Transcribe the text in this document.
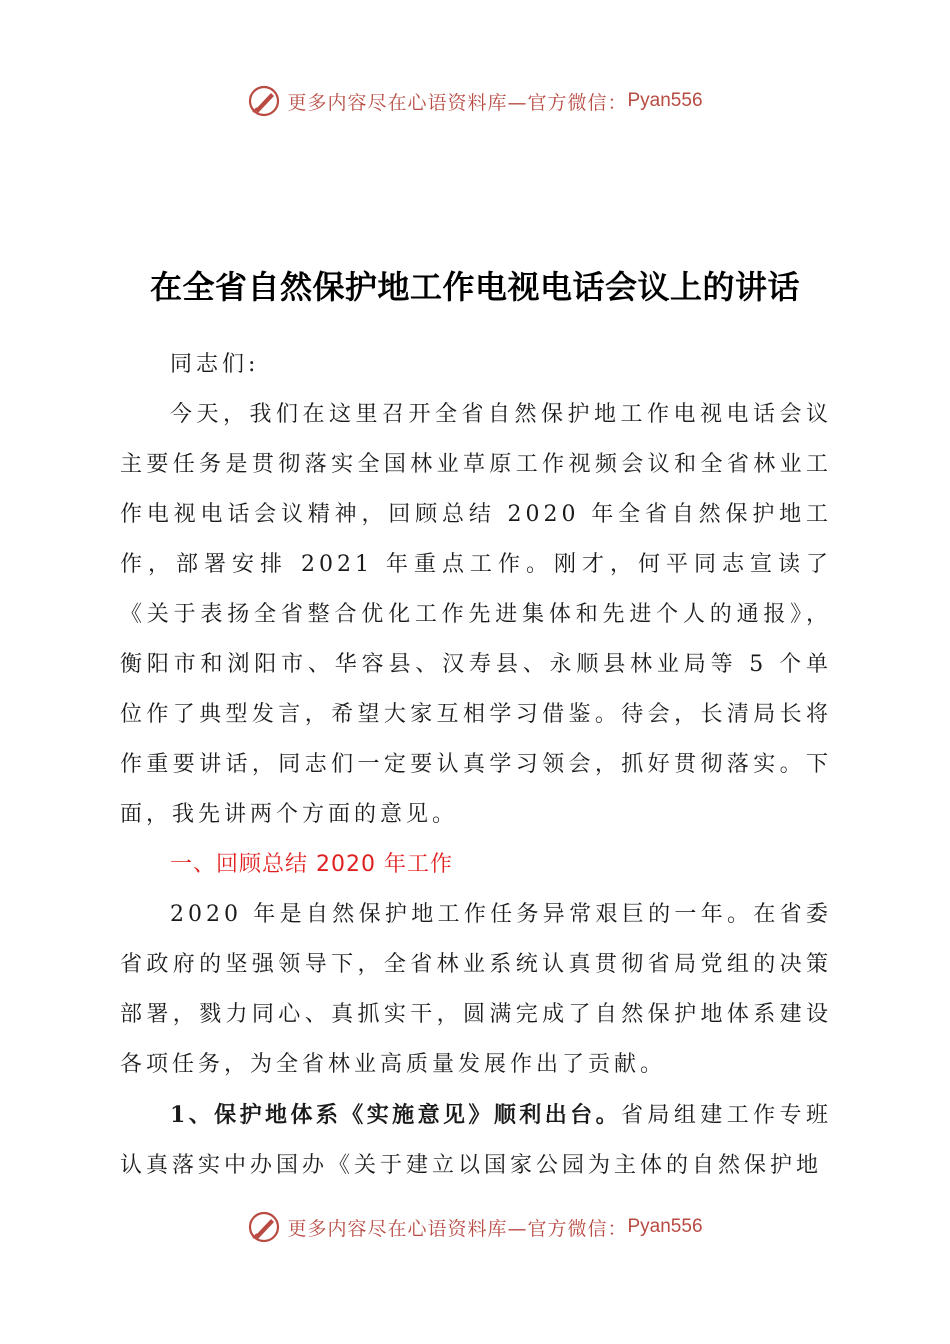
更多内容尽在心语资料库—官方微信： Pyan556
在全省自然保护地工作电视电话会议上的讲话

同志们:

今天，我们在这里召开全省自然保护地工作电视电话会议主要任务是贯彻落实全国林业草原工作视频会议和全省林业工作电视电话会议精神，回顾总结 2020 年全省自然保护地工作，部署安排 2021 年重点工作。刚才，何平同志宣读了《关于表扬全省整合优化工作先进集体和先进个人的通报》，衡阳市和浏阳市、华容县、汉寿县、永顺县林业局等 5 个单位作了典型发言，希望大家互相学习借鉴。待会，长清局长将作重要讲话，同志们一定要认真学习领会，抓好贯彻落实。下面，我先讲两个方面的意见。

一、回顾总结 2020 年工作

2020 年是自然保护地工作任务异常艰巨的一年。在省委省政府的坚强领导下，全省林业系统认真贯彻省局党组的决策部署，戮力同心、真抓实干，圆满完成了自然保护地体系建设各项任务，为全省林业高质量发展作出了贡献。

1、保护地体系《实施意见》顺利出台。省局组建工作专班认真落实中办国办《关于建立以国家公园为主体的自然保护地

更多内容尽在心语资料库—官方微信： Pyan556
